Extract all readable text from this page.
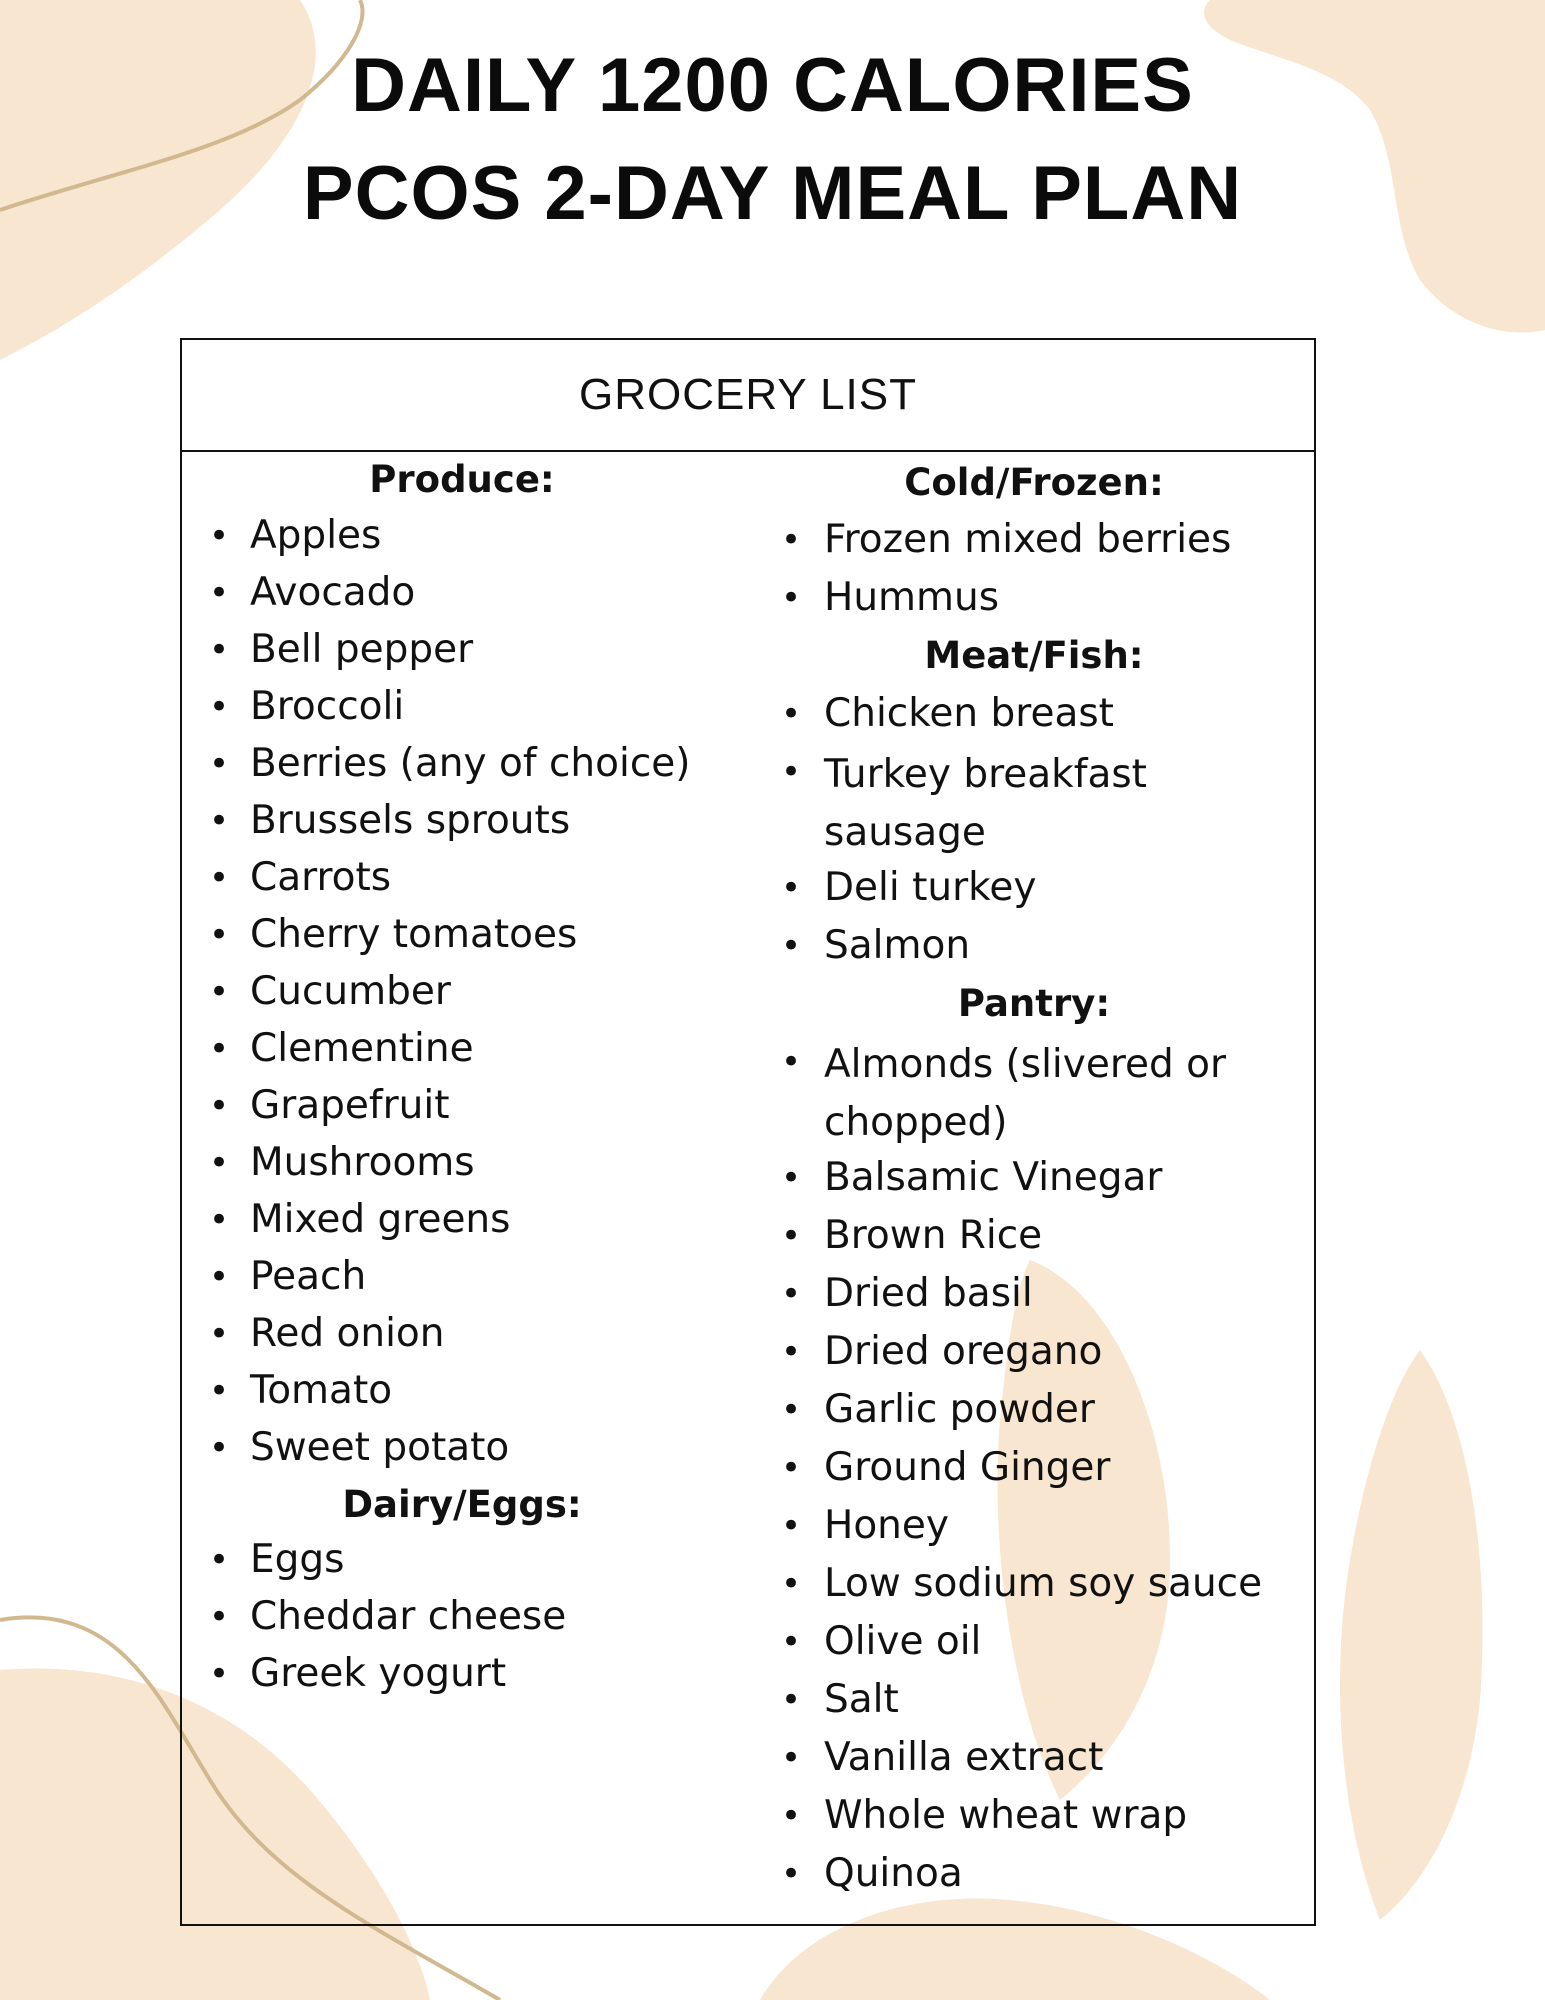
DAILY 1200 CALORIES
PCOS 2-DAY MEAL PLAN
GROCERY LIST
Produce:
• Apples
• Avocado
• Bell pepper
• Broccoli
• Berries (any of choice)
• Brussels sprouts
• Carrots
• Cherry tomatoes
• Cucumber
• Clementine
• Grapefruit
• Mushrooms
• Mixed greens
• Peach
• Red onion
• Tomato
• Sweet potato
Dairy/Eggs:
• Eggs
• Cheddar cheese
• Greek yogurt
Cold/Frozen:
• Frozen mixed berries
• Hummus
Meat/Fish:
• Chicken breast
• Turkey breakfast sausage
• Deli turkey
• Salmon
Pantry:
• Almonds (slivered or chopped)
• Balsamic Vinegar
• Brown Rice
• Dried basil
• Dried oregano
• Garlic powder
• Ground Ginger
• Honey
• Low sodium soy sauce
• Olive oil
• Salt
• Vanilla extract
• Whole wheat wrap
• Quinoa
